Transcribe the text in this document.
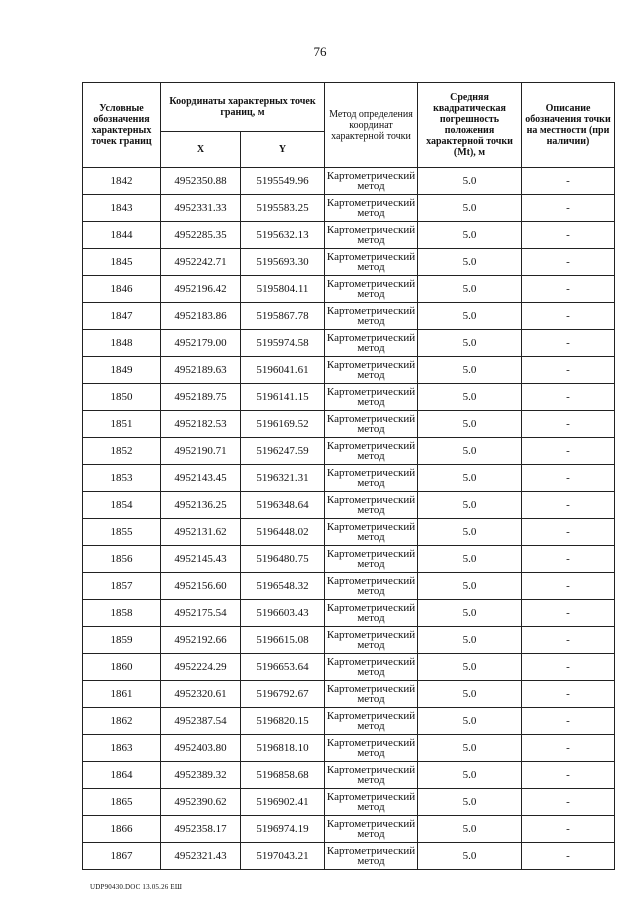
76
Условные обозначения характерных точек границ	Координаты характерных точек границ, м		Метод определения координат характерной точки	Средняя квадратическая погрешность положения характерной точки (Mt), м	Описание обозначения точки на местности (при наличии)
	X	Y			
1842	4952350.88	5195549.96	Картометрический метод	5.0	-
1843	4952331.33	5195583.25	Картометрический метод	5.0	-
1844	4952285.35	5195632.13	Картометрический метод	5.0	-
1845	4952242.71	5195693.30	Картометрический метод	5.0	-
1846	4952196.42	5195804.11	Картометрический метод	5.0	-
1847	4952183.86	5195867.78	Картометрический метод	5.0	-
1848	4952179.00	5195974.58	Картометрический метод	5.0	-
1849	4952189.63	5196041.61	Картометрический метод	5.0	-
1850	4952189.75	5196141.15	Картометрический метод	5.0	-
1851	4952182.53	5196169.52	Картометрический метод	5.0	-
1852	4952190.71	5196247.59	Картометрический метод	5.0	-
1853	4952143.45	5196321.31	Картометрический метод	5.0	-
1854	4952136.25	5196348.64	Картометрический метод	5.0	-
1855	4952131.62	5196448.02	Картометрический метод	5.0	-
1856	4952145.43	5196480.75	Картометрический метод	5.0	-
1857	4952156.60	5196548.32	Картометрический метод	5.0	-
1858	4952175.54	5196603.43	Картометрический метод	5.0	-
1859	4952192.66	5196615.08	Картометрический метод	5.0	-
1860	4952224.29	5196653.64	Картометрический метод	5.0	-
1861	4952320.61	5196792.67	Картометрический метод	5.0	-
1862	4952387.54	5196820.15	Картометрический метод	5.0	-
1863	4952403.80	5196818.10	Картометрический метод	5.0	-
1864	4952389.32	5196858.68	Картометрический метод	5.0	-
1865	4952390.62	5196902.41	Картометрический метод	5.0	-
1866	4952358.17	5196974.19	Картометрический метод	5.0	-
1867	4952321.43	5197043.21	Картометрический метод	5.0	-
UDP90430.DOC 13.05.26 ЕШ
